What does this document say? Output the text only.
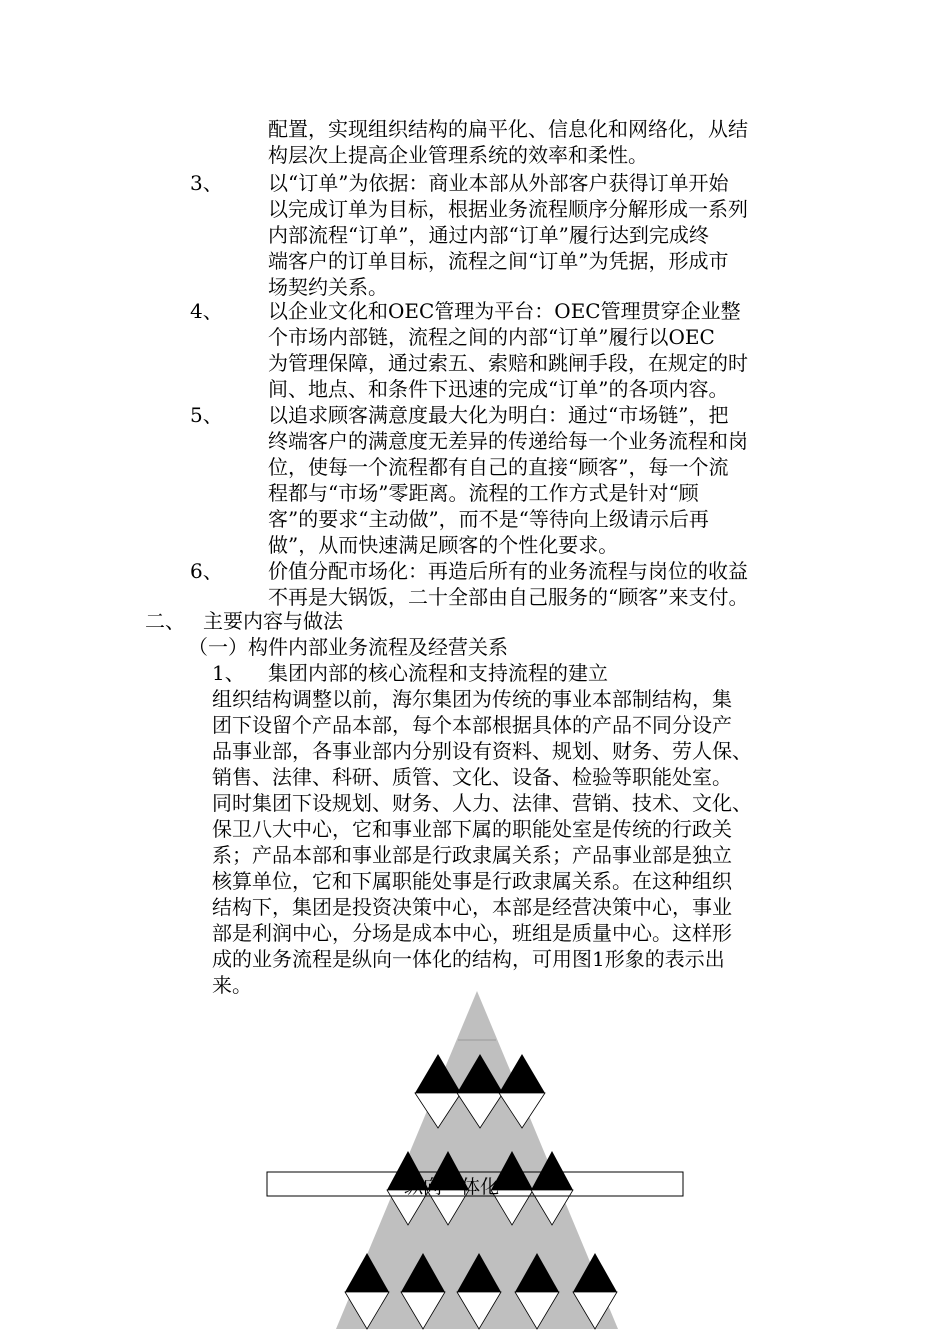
配置，实现组织结构的扁平化、信息化和网络化，从结
构层次上提高企业管理系统的效率和柔性。
3、 以“订单”为依据：商业本部从外部客户获得订单开始
以完成订单为目标，根据业务流程顺序分解形成一系列
内部流程“订单”，通过内部“订单”履行达到完成终
端客户的订单目标，流程之间“订单”为凭据，形成市
场契约关系。
4、 以企业文化和OEC管理为平台：OEC管理贯穿企业整
个市场内部链，流程之间的内部“订单”履行以OEC
为管理保障，通过索五、索赔和跳闸手段，在规定的时
间、地点、和条件下迅速的完成“订单”的各项内容。
5、 以追求顾客满意度最大化为明白：通过“市场链”，把
终端客户的满意度无差异的传递给每一个业务流程和岗
位，使每一个流程都有自己的直接“顾客”，每一个流
程都与“市场”零距离。流程的工作方式是针对“顾
客”的要求“主动做”，而不是“等待向上级请示后再
做”，从而快速满足顾客的个性化要求。
6、 价值分配市场化：再造后所有的业务流程与岗位的收益
不再是大锅饭，二十全部由自己服务的“顾客”来支付。
二、 主要内容与做法
（一）构件内部业务流程及经营关系
1、 集团内部的核心流程和支持流程的建立
组织结构调整以前，海尔集团为传统的事业本部制结构，集
团下设留个产品本部，每个本部根据具体的产品不同分设产
品事业部，各事业部内分别设有资料、规划、财务、劳人保、
销售、法律、科研、质管、文化、设备、检验等职能处室。
同时集团下设规划、财务、人力、法律、营销、技术、文化、
保卫八大中心，它和事业部下属的职能处室是传统的行政关
系；产品本部和事业部是行政隶属关系；产品事业部是独立
核算单位，它和下属职能处事是行政隶属关系。在这种组织
结构下，集团是投资决策中心，本部是经营决策中心，事业
部是利润中心，分场是成本中心，班组是质量中心。这样形
成的业务流程是纵向一体化的结构，可用图1形象的表示出
来。
纵向一体化
